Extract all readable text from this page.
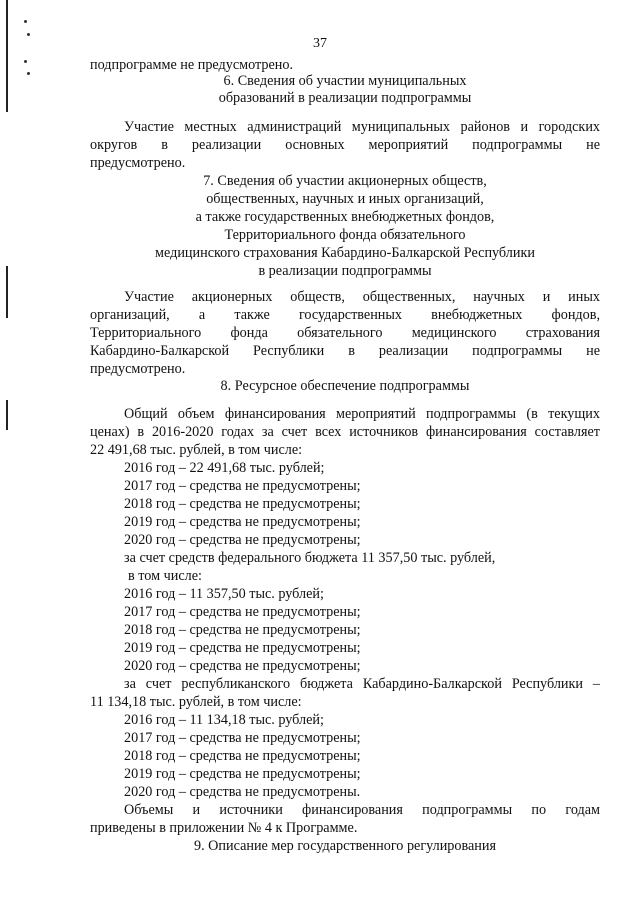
37
подпрограмме не предусмотрено.
6. Сведения об участии муниципальных
образований в реализации подпрограммы
Участие местных администраций муниципальных районов и городских
округов в реализации основных мероприятий подпрограммы не
предусмотрено.
7. Сведения об участии акционерных обществ,
общественных, научных и иных организаций,
а также государственных внебюджетных фондов,
Территориального фонда обязательного
медицинского страхования Кабардино-Балкарской Республики
в реализации подпрограммы
Участие акционерных обществ, общественных, научных и иных
организаций, а также государственных внебюджетных фондов,
Территориального фонда обязательного медицинского страхования
Кабардино-Балкарской Республики в реализации подпрограммы не
предусмотрено.
8. Ресурсное обеспечение подпрограммы
Общий объем финансирования мероприятий подпрограммы (в текущих
ценах) в 2016-2020 годах за счет всех источников финансирования составляет
22 491,68 тыс. рублей, в том числе:
2016 год – 22 491,68 тыс. рублей;
2017 год – средства не предусмотрены;
2018 год – средства не предусмотрены;
2019 год – средства не предусмотрены;
2020 год – средства не предусмотрены;
за счет средств федерального бюджета 11 357,50 тыс. рублей,
в том числе:
2016 год – 11 357,50 тыс. рублей;
2017 год – средства не предусмотрены;
2018 год – средства не предусмотрены;
2019 год – средства не предусмотрены;
2020 год – средства не предусмотрены;
за счет республиканского бюджета Кабардино-Балкарской Республики –
11 134,18 тыс. рублей, в том числе:
2016 год – 11 134,18 тыс. рублей;
2017 год – средства не предусмотрены;
2018 год – средства не предусмотрены;
2019 год – средства не предусмотрены;
2020 год – средства не предусмотрены.
Объемы и источники финансирования подпрограммы по годам
приведены в приложении № 4 к Программе.
9. Описание мер государственного регулирования
